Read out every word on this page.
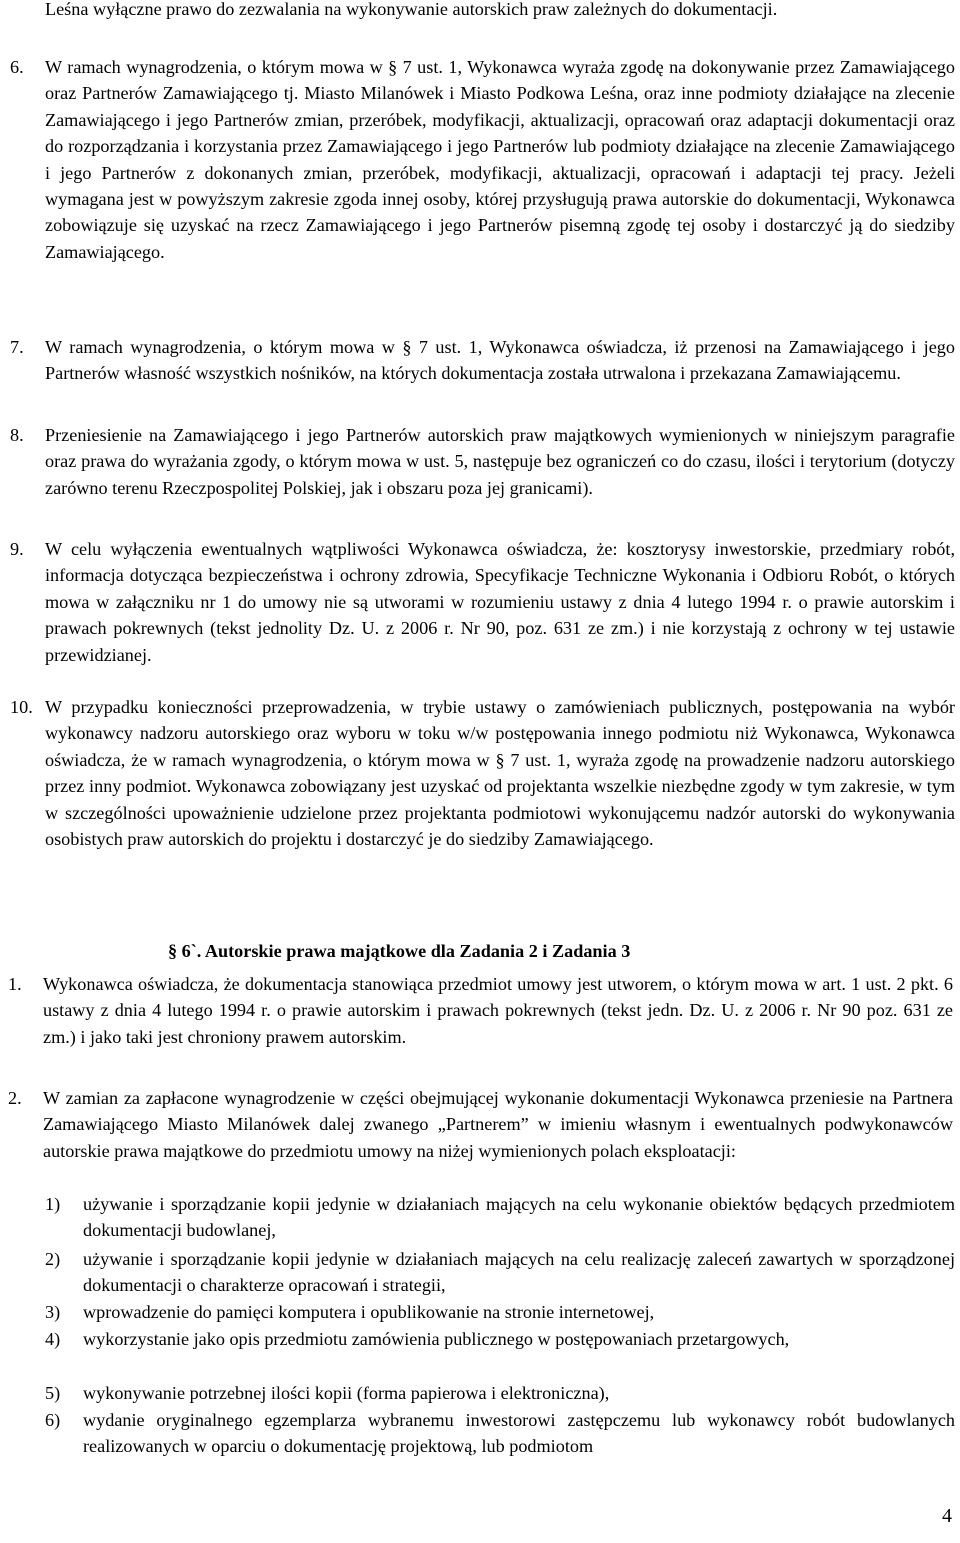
Leśna wyłączne prawo do zezwalania na wykonywanie autorskich praw zależnych do dokumentacji.
6. W ramach wynagrodzenia, o którym mowa w § 7 ust. 1, Wykonawca wyraża zgodę na dokonywanie przez Zamawiającego oraz Partnerów Zamawiającego tj. Miasto Milanówek i Miasto Podkowa Leśna, oraz inne podmioty działające na zlecenie Zamawiającego i jego Partnerów zmian, przeróbek, modyfikacji, aktualizacji, opracowań oraz adaptacji dokumentacji oraz do rozporządzania i korzystania przez Zamawiającego i jego Partnerów lub podmioty działające na zlecenie Zamawiającego i jego Partnerów z dokonanych zmian, przeróbek, modyfikacji, aktualizacji, opracowań i adaptacji tej pracy. Jeżeli wymagana jest w powyższym zakresie zgoda innej osoby, której przysługują prawa autorskie do dokumentacji, Wykonawca zobowiązuje się uzyskać na rzecz Zamawiającego i jego Partnerów pisemną zgodę tej osoby i dostarczyć ją do siedziby Zamawiającego.
7. W ramach wynagrodzenia, o którym mowa w § 7 ust. 1, Wykonawca oświadcza, iż przenosi na Zamawiającego i jego Partnerów własność wszystkich nośników, na których dokumentacja została utrwalona i przekazana Zamawiającemu.
8. Przeniesienie na Zamawiającego i jego Partnerów autorskich praw majątkowych wymienionych w niniejszym paragrafie oraz prawa do wyrażania zgody, o którym mowa w ust. 5, następuje bez ograniczeń co do czasu, ilości i terytorium (dotyczy zarówno terenu Rzeczpospolitej Polskiej, jak i obszaru poza jej granicami).
9. W celu wyłączenia ewentualnych wątpliwości Wykonawca oświadcza, że: kosztorysy inwestorskie, przedmiary robót, informacja dotycząca bezpieczeństwa i ochrony zdrowia, Specyfikacje Techniczne Wykonania i Odbioru Robót, o których mowa w załączniku nr 1 do umowy nie są utworami w rozumieniu ustawy z dnia 4 lutego 1994 r. o prawie autorskim i prawach pokrewnych (tekst jednolity Dz. U. z 2006 r. Nr 90, poz. 631 ze zm.) i nie korzystają z ochrony w tej ustawie przewidzianej.
10. W przypadku konieczności przeprowadzenia, w trybie ustawy o zamówieniach publicznych, postępowania na wybór wykonawcy nadzoru autorskiego oraz wyboru w toku w/w postępowania innego podmiotu niż Wykonawca, Wykonawca oświadcza, że w ramach wynagrodzenia, o którym mowa w § 7 ust. 1, wyraża zgodę na prowadzenie nadzoru autorskiego przez inny podmiot. Wykonawca zobowiązany jest uzyskać od projektanta wszelkie niezbędne zgody w tym zakresie, w tym w szczególności upoważnienie udzielone przez projektanta podmiotowi wykonującemu nadzór autorski do wykonywania osobistych praw autorskich do projektu i dostarczyć je do siedziby Zamawiającego.
§ 6`. Autorskie prawa majątkowe dla Zadania 2 i Zadania 3
1. Wykonawca oświadcza, że dokumentacja stanowiąca przedmiot umowy jest utworem, o którym mowa w art. 1 ust. 2 pkt. 6 ustawy z dnia 4 lutego 1994 r. o prawie autorskim i prawach pokrewnych (tekst jedn. Dz. U. z 2006 r. Nr 90 poz. 631 ze zm.) i jako taki jest chroniony prawem autorskim.
2. W zamian za zapłacone wynagrodzenie w części obejmującej wykonanie dokumentacji Wykonawca przeniesie na Partnera Zamawiającego Miasto Milanówek dalej zwanego „Partnerem” w imieniu własnym i ewentualnych podwykonawców autorskie prawa majątkowe do przedmiotu umowy na niżej wymienionych polach eksploatacji:
1) używanie i sporządzanie kopii jedynie w działaniach mających na celu wykonanie obiektów będących przedmiotem dokumentacji budowlanej,
2) używanie i sporządzanie kopii jedynie w działaniach mających na celu realizację zaleceń zawartych w sporządzonej dokumentacji o charakterze opracowań i strategii,
3) wprowadzenie do pamięci komputera i opublikowanie na stronie internetowej,
4) wykorzystanie jako opis przedmiotu zamówienia publicznego w postępowaniach przetargowych,
5) wykonywanie potrzebnej ilości kopii (forma papierowa i elektroniczna),
6) wydanie oryginalnego egzemplarza wybranemu inwestorowi zastępczemu lub wykonawcy robót budowlanych realizowanych w oparciu o dokumentację projektową, lub podmiotom
4
